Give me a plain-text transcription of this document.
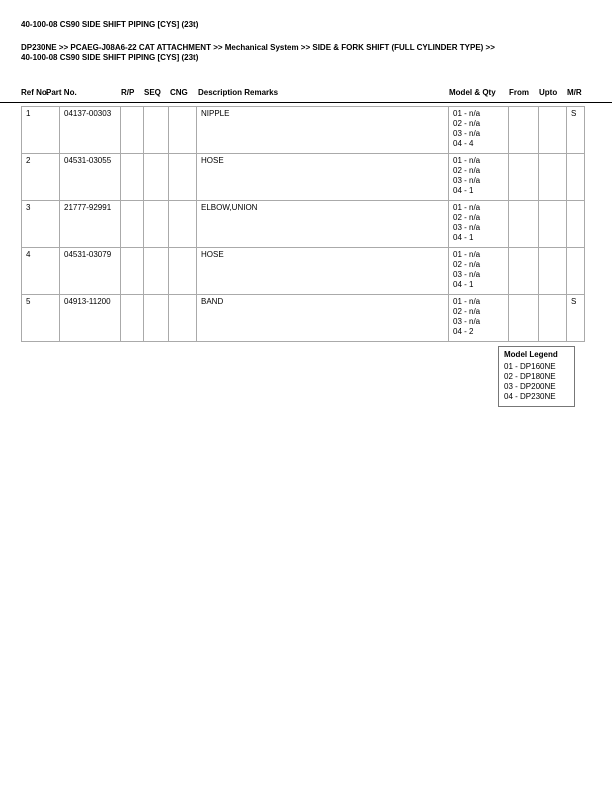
40-100-08 CS90 SIDE SHIFT PIPING [CYS] (23t)
DP230NE >> PCAEG-J08A6-22 CAT ATTACHMENT >> Mechanical System >> SIDE & FORK SHIFT (FULL CYLINDER TYPE) >>
40-100-08 CS90 SIDE SHIFT PIPING [CYS] (23t)
Ref No.
Part No.	R/P SEQ CNG Description Remarks	Model & Qty From Upto M/R
1	04137-00303				NIPPLE	01 - n/a
02 - n/a
03 - n/a
04 - 4			S
2	04531-03055				HOSE	01 - n/a
02 - n/a
03 - n/a
04 - 1			

3	21777-92991				ELBOW,UNION	01 - n/a
02 - n/a
03 - n/a
04 - 1			

4	04531-03079				HOSE	01 - n/a
02 - n/a
03 - n/a
04 - 1			

5	04913-11200				BAND	01 - n/a
02 - n/a
03 - n/a
04 - 2			S
Model Legend
01 - DP160NE
02 - DP180NE
03 - DP200NE
04 - DP230NE
